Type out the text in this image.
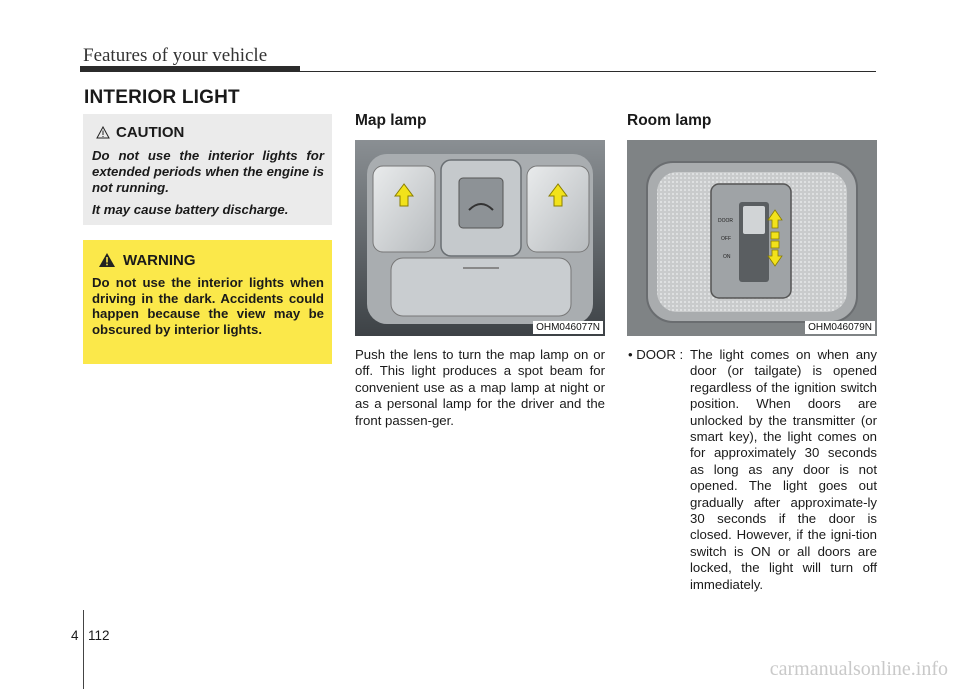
Features of your vehicle
INTERIOR LIGHT
CAUTION

Do not use the interior lights for extended periods when the engine is not running.

It may cause battery discharge.

WARNING

Do not use the interior lights when driving in the dark. Accidents could happen because the view may be obscured by interior lights.

Map lamp
OHM046077N

Push the lens to turn the map lamp on or off. This light produces a spot beam for convenient use as a map lamp at night or as a personal lamp for the driver and the front passen-ger.

Room lamp
DOOR
OFF
ON
OHM046079N
• DOOR : The light comes on when any door (or tailgate) is opened regardless of the ignition switch position. When doors are unlocked by the transmitter (or smart key), the light comes on for approximately 30 seconds as long as any door is not opened. The light goes out gradually after approximate-ly 30 seconds if the door is closed. However, if the igni-tion switch is ON or all doors are locked, the light will turn off immediately.
4 112
carmanualsonline.info
